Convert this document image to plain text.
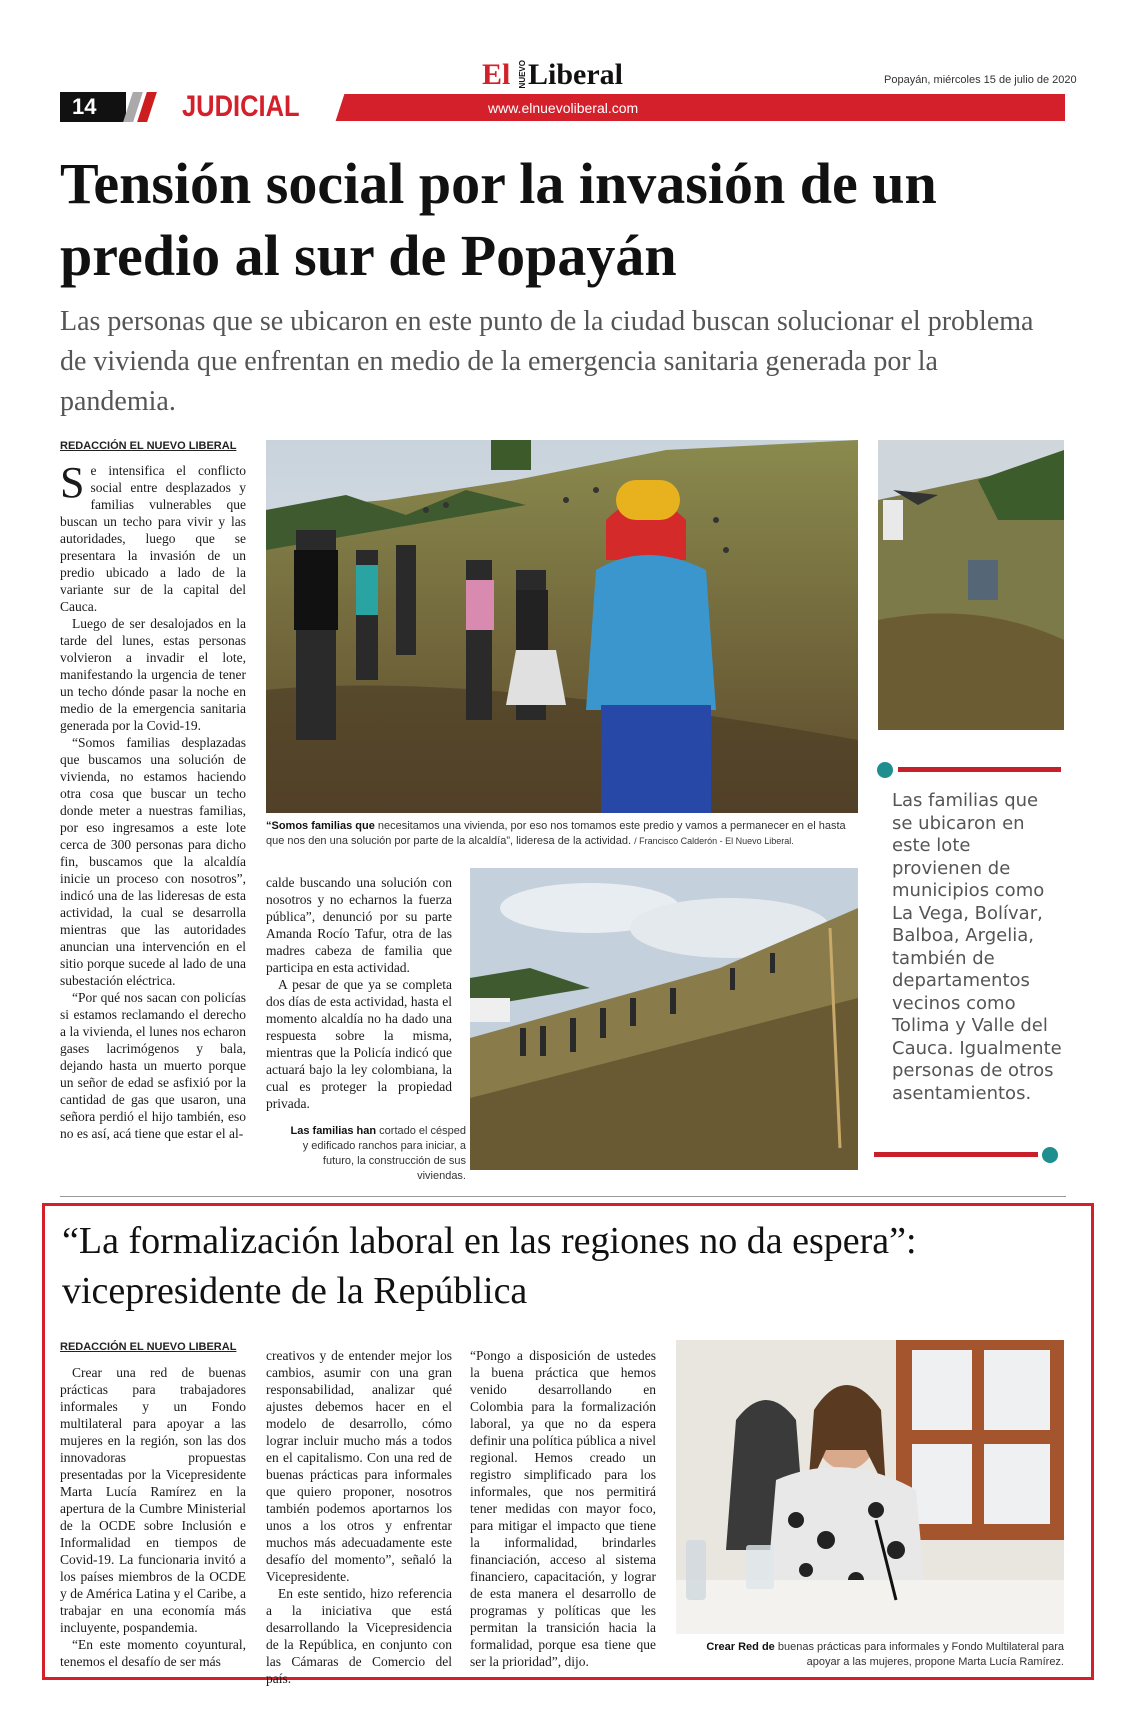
14	JUDICIAL
El NUEVO Liberal
www.elnuevoliberal.com
Popayán, miércoles 15 de julio de 2020
Tensión social por la invasión de un predio al sur de Popayán
Las personas que se ubicaron en este punto de la ciudad buscan solucionar el problema de vivienda que enfrentan en medio de la emergencia sanitaria generada por la pandemia.
REDACCIÓN EL NUEVO LIBERAL

Se intensifica el conflicto social entre desplazados y familias vulnerables que buscan un techo para vivir y las autoridades, luego que se presentara la invasión de un predio ubicado a lado de la variante sur de la capital del Cauca.

Luego de ser desalojados en la tarde del lunes, estas personas volvieron a invadir el lote, manifestando la urgencia de tener un techo dónde pasar la noche en medio de la emergencia sanitaria generada por la Covid-19.

“Somos familias desplazadas que buscamos una solución de vivienda, no estamos haciendo otra cosa que buscar un techo donde meter a nuestras familias, por eso ingresamos a este lote cerca de 300 personas para dicho fin, buscamos que la alcaldía inicie un proceso con nosotros”, indicó una de las lideresas de esta actividad, la cual se desarrolla mientras que las autoridades anuncian una intervención en el sitio porque sucede al lado de una subestación eléctrica.

“Por qué nos sacan con policías si estamos reclamando el derecho a la vivienda, el lunes nos echaron gases lacrimógenos y bala, dejando hasta un muerto porque un señor de edad se asfixió por la cantidad de gas que usaron, una señora perdió el hijo también, eso no es así, acá tiene que estar el al-

“Somos familias que necesitamos una vivienda, por eso nos tomamos este predio y vamos a permanecer en el hasta que nos den una solución por parte de la alcaldía”, lideresa de la actividad. / Francisco Calderón - El Nuevo Liberal.
Las familias que se ubicaron en este lote provienen de municipios como La Vega, Bolívar, Balboa, Argelia, también de departamentos vecinos como Tolima y Valle del Cauca. Igualmente personas de otros asentamientos.

calde buscando una solución con nosotros y no echarnos la fuerza pública”, denunció por su parte Amanda Rocío Tafur, otra de las madres cabeza de familia que participa en esta actividad.

A pesar de que ya se completa dos días de esta actividad, hasta el momento alcaldía no ha dado una respuesta sobre la misma, mientras que la Policía indicó que actuará bajo la ley colombiana, la cual es proteger la propiedad privada.

Las familias han cortado el césped y edificado ranchos para iniciar, a futuro, la construcción de sus viviendas.
“La formalización laboral en las regiones no da espera”: vicepresidente de la República
REDACCIÓN EL NUEVO LIBERAL

Crear una red de buenas prácticas para trabajadores informales y un Fondo multilateral para apoyar a las mujeres en la región, son las dos innovadoras propuestas presentadas por la Vicepresidente Marta Lucía Ramírez en la apertura de la Cumbre Ministerial de la OCDE sobre Inclusión e Informalidad en tiempos de Covid-19. La funcionaria invitó a los países miembros de la OCDE y de América Latina y el Caribe, a trabajar en una economía más incluyente, pospandemia.

“En este momento coyuntural, tenemos el desafío de ser más

creativos y de entender mejor los cambios, asumir con una gran responsabilidad, analizar qué ajustes debemos hacer en el modelo de desarrollo, cómo lograr incluir mucho más a todos en el capitalismo. Con una red de buenas prácticas para informales que quiero proponer, nosotros también podemos aportarnos los unos a los otros y enfrentar muchos más adecuadamente este desafío del momento”, señaló la Vicepresidente.

En este sentido, hizo referencia a la iniciativa que está desarrollando la Vicepresidencia de la República, en conjunto con las Cámaras de Comercio del país.

“Pongo a disposición de ustedes la buena práctica que hemos venido desarrollando en Colombia para la formalización laboral, ya que no da espera definir una política pública a nivel regional. Hemos creado un registro simplificado para los informales, que nos permitirá tener medidas con mayor foco, para mitigar el impacto que tiene la informalidad, brindarles financiación, acceso al sistema financiero, capacitación, y lograr de esta manera el desarrollo de programas y políticas que les permitan la transición hacia la formalidad, porque esa tiene que ser la prioridad”, dijo.

Crear Red de buenas prácticas para informales y Fondo Multilateral para apoyar a las mujeres, propone Marta Lucía Ramírez.
